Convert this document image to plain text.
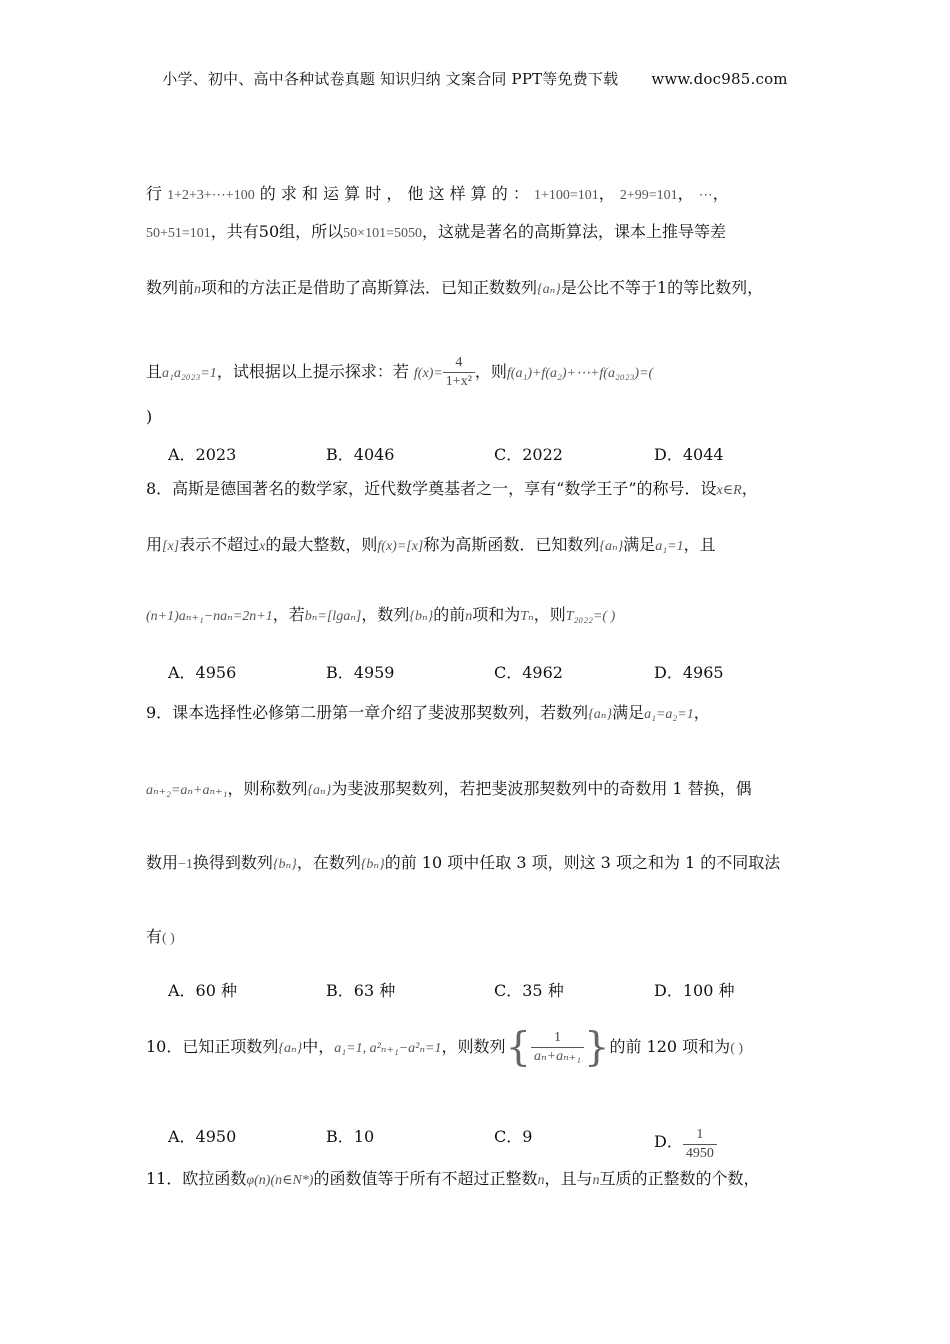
小学、初中、高中各种试卷真题 知识归纳 文案合同 PPT等免费下载 www.doc985.com
行 1+2+3+⋯+100 的 求 和 运 算 时 ， 他 这 样 算 的 ： 1+100=101， 2+99=101， ⋯，
50+51=101，共有50组，所以50×101=5050，这就是著名的高斯算法，课本上推导等差
数列前n项和的方法正是借助了高斯算法．已知正数数列{aₙ}是公比不等于1的等比数列，
且a₁a₂₀₂₃=1，试根据以上提示探求：若 $f(x)= \frac{4}{\text{1+x²}}$ ，则f(a₁)+f(a₂)+⋯+f(a₂₀₂₃)=(
)
A．2023	B．4046	C．2022	D．4044
8．高斯是德国著名的数学家，近代数学奠基者之一，享有“数学王子”的称号．设x∈R，
用[x]表示不超过x的最大整数，则f(x)=[x]称为高斯函数．已知数列{aₙ}满足a₁=1，且
(n+1)aₙ₊₁−naₙ=2n+1，若bₙ=[lgaₙ]，数列{bₙ}的前n项和为Tₙ，则T₂₀₂₂=( )
A．4956	B．4959	C．4962	D．4965
9．课本选择性必修第二册第一章介绍了斐波那契数列，若数列{aₙ}满足a₁=a₂=1，
aₙ₊₂=aₙ+aₙ₊₁，则称数列{aₙ}为斐波那契数列，若把斐波那契数列中的奇数用 1 替换，偶
数用−1换得到数列{bₙ}，在数列{bₙ}的前 10 项中任取 3 项，则这 3 项之和为 1 的不同取法
有( )
A．60 种	B．63 种	C．35 种	D．100 种
10．已知正项数列{aₙ}中，a₁=1, a²ₙ₊₁−a²ₙ=1，则数列{ $\frac{1}{\text{aₙ+aₙ₊₁}}$ }的前 120 项和为( )
A．4950	B．10	C．9	D． $\frac{1}{4950}$
11．欧拉函数φ(n)(n∈N*)的函数值等于所有不超过正整数n，且与n互质的正整数的个数，
